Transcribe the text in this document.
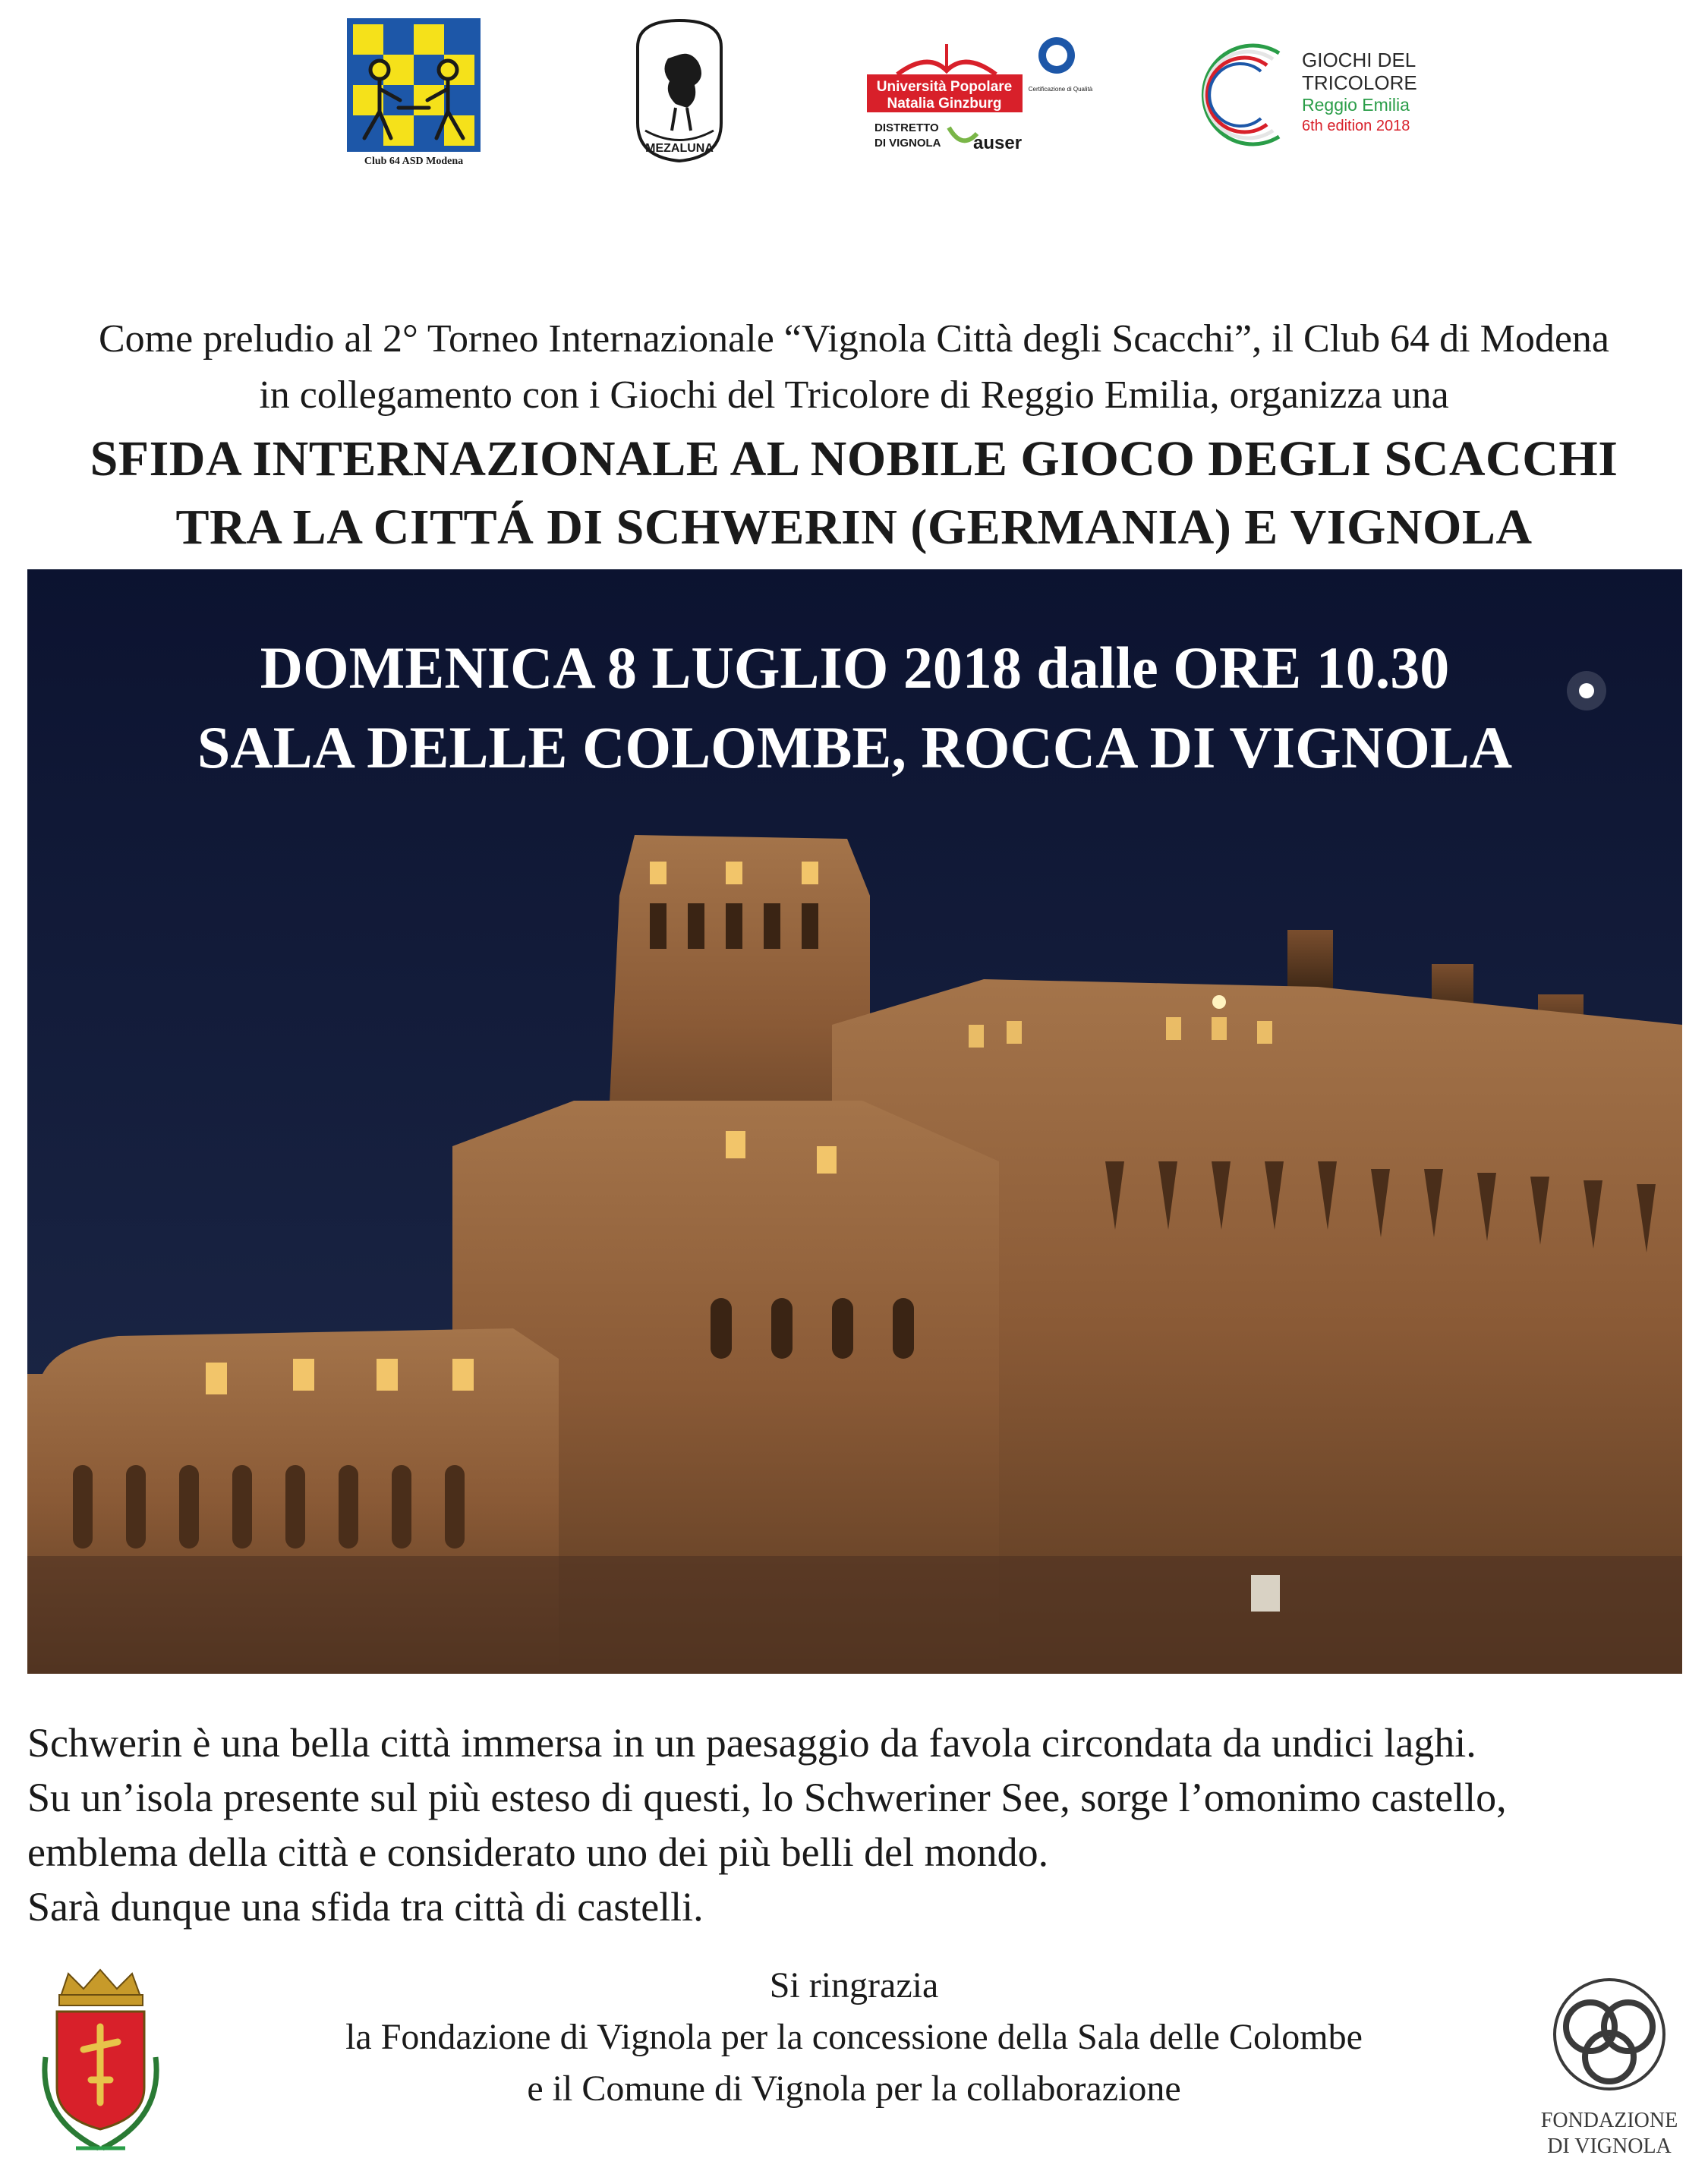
Club 64 ASD Modena
MEZALUNA
Università Popolare
Natalia Ginzburg
DISTRETTO
DI VIGNOLA auser
Certificazione di Qualità
GIOCHI DEL
TRICOLORE
Reggio Emilia
6th edition 2018
Come preludio al 2° Torneo Internazionale “Vignola Città degli Scacchi”, il Club 64 di Modena
in collegamento con i Giochi del Tricolore di Reggio Emilia, organizza una
SFIDA INTERNAZIONALE AL NOBILE GIOCO DEGLI SCACCHI
TRA LA CITTÁ DI SCHWERIN (GERMANIA) E VIGNOLA
DOMENICA 8 LUGLIO 2018 dalle ORE 10.30
SALA DELLE COLOMBE, ROCCA DI VIGNOLA
Schwerin è una bella città immersa in un paesaggio da favola circondata da undici laghi.
Su un’isola presente sul più esteso di questi, lo Schweriner See, sorge l’omonimo castello,
emblema della città e considerato uno dei più belli del mondo.
Sarà dunque una sfida tra città di castelli.
Si ringrazia
la Fondazione di Vignola per la concessione della Sala delle Colombe
e il Comune di Vignola per la collaborazione
FONDAZIONE
DI VIGNOLA
